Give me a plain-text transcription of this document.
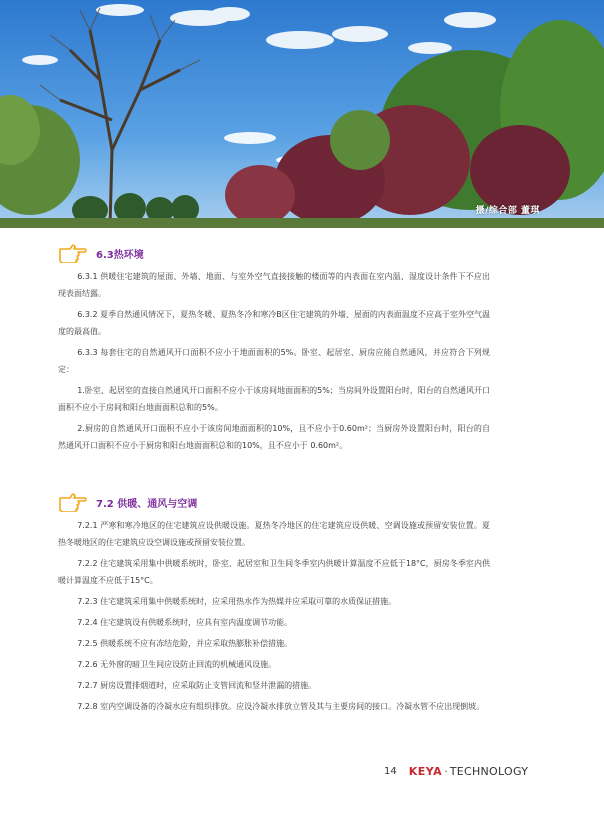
摄/综合部 董琪
6.3热环境

6.3.1 供暖住宅建筑的屋面、外墙、地面、与室外空气直接接触的楼面等的内表面在室内温、湿度设计条件下不应出现表面结露。

6.3.2 夏季自然通风情况下，夏热冬暖、夏热冬冷和寒冷B区住宅建筑的外墙、屋面的内表面温度不应高于室外空气温度的最高值。

6.3.3 每套住宅的自然通风开口面积不应小于地面面积的5%。卧室、起居室、厨房应能自然通风，并应符合下列规定：

1.卧室、起居室的直接自然通风开口面积不应小于该房间地面面积的5%；当房间外设置阳台时，阳台的自然通风开口面积不应小于房间和阳台地面面积总和的5%。

2.厨房的自然通风开口面积不应小于该房间地面面积的10%，且不应小于0.60m²；当厨房外设置阳台时，阳台的自然通风开口面积不应小于厨房和阳台地面面积总和的10%，且不应小于 0.60m²。

7.2 供暖、通风与空调

7.2.1 严寒和寒冷地区的住宅建筑应设供暖设施。夏热冬冷地区的住宅建筑应设供暖、空调设施或预留安装位置。夏热冬暖地区的住宅建筑应设空调设施或预留安装位置。

7.2.2 住宅建筑采用集中供暖系统时，卧室、起居室和卫生间冬季室内供暖计算温度不应低于18°C，厨房冬季室内供暖计算温度不应低于15°C。

7.2.3 住宅建筑采用集中供暖系统时，应采用热水作为热媒并应采取可靠的水质保证措施。

7.2.4 住宅建筑设有供暖系统时，应具有室内温度调节功能。

7.2.5 供暖系统不应有冻结危险，并应采取热膨胀补偿措施。

7.2.6 无外窗的暗卫生间应设防止回流的机械通风设施。

7.2.7 厨房设置排烟道时，应采取防止支管回流和竖井泄漏的措施。

7.2.8 室内空调设备的冷凝水应有组织排放。应设冷凝水排放立管及其与主要房间的接口。冷凝水管不应出现倒坡。

14 KEYA · TECHNOLOGY
